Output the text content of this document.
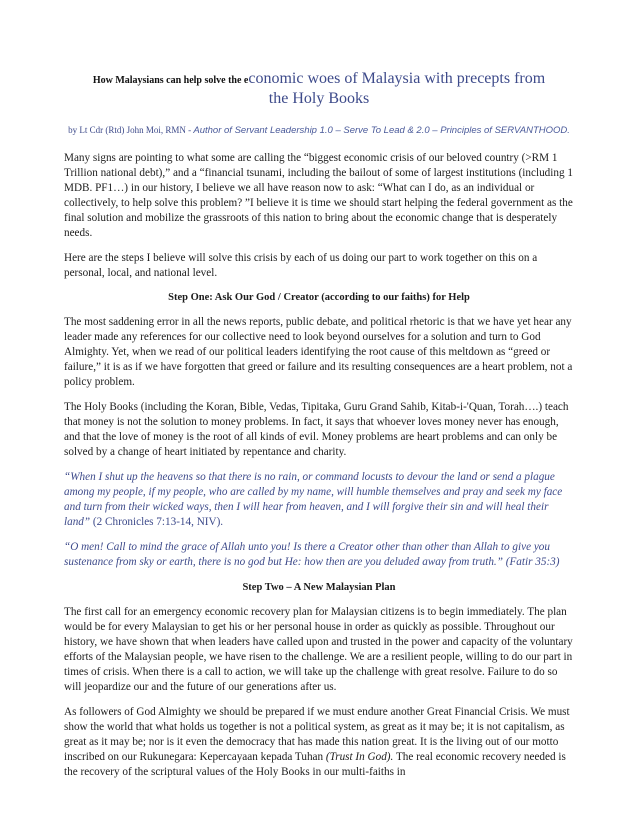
How Malaysians can help solve the economic woes of Malaysia with precepts from
the Holy Books
by Lt Cdr (Rtd) John Moi, RMN - Author of Servant Leadership 1.0 – Serve To Lead & 2.0 – Principles of SERVANTHOOD.

Many signs are pointing to what some are calling the “biggest economic crisis of our beloved country (>RM 1 Trillion national debt),” and a “financial tsunami, including the bailout of some of largest institutions (including 1 MDB. PF1…) in our history, I believe we all have reason now to ask: “What can I do, as an individual or collectively, to help solve this problem? ”I believe it is time we should start helping the federal government as the final solution and mobilize the grassroots of this nation to bring about the economic change that is desperately needs.

Here are the steps I believe will solve this crisis by each of us doing our part to work together on this on a personal, local, and national level.

Step One: Ask Our God / Creator (according to our faiths) for Help

The most saddening error in all the news reports, public debate, and political rhetoric is that we have yet hear any leader made any references for our collective need to look beyond ourselves for a solution and turn to God Almighty. Yet, when we read of our political leaders identifying the root cause of this meltdown as “greed or failure,” it is as if we have forgotten that greed or failure and its resulting consequences are a heart problem, not a policy problem.

The Holy Books (including the Koran, Bible, Vedas, Tipitaka, Guru Grand Sahib, Kitab-i-'Quan, Torah….) teach that money is not the solution to money problems. In fact, it says that whoever loves money never has enough, and that the love of money is the root of all kinds of evil. Money problems are heart problems and can only be solved by a change of heart initiated by repentance and charity.

“When I shut up the heavens so that there is no rain, or command locusts to devour the land or send a plague among my people, if my people, who are called by my name, will humble themselves and pray and seek my face and turn from their wicked ways, then I will hear from heaven, and I will forgive their sin and will heal their land” (2 Chronicles 7:13-14, NIV).

“O men! Call to mind the grace of Allah unto you! Is there a Creator other than other than Allah to give you sustenance from sky or earth, there is no god but He: how then are you deluded away from truth.” (Fatir 35:3)

Step Two – A New Malaysian Plan

The first call for an emergency economic recovery plan for Malaysian citizens is to begin immediately. The plan would be for every Malaysian to get his or her personal house in order as quickly as possible. Throughout our history, we have shown that when leaders have called upon and trusted in the power and capacity of the voluntary efforts of the Malaysian people, we have risen to the challenge. We are a resilient people, willing to do our part in times of crisis. When there is a call to action, we will take up the challenge with great resolve. Failure to do so will jeopardize our and the future of our generations after us.

As followers of God Almighty we should be prepared if we must endure another Great Financial Crisis. We must show the world that what holds us together is not a political system, as great as it may be; it is not capitalism, as great as it may be; nor is it even the democracy that has made this nation great. It is the living out of our motto inscribed on our Rukunegara: Kepercayaan kepada Tuhan (Trust In God). The real economic recovery needed is the recovery of the scriptural values of the Holy Books in our multi-faiths in
